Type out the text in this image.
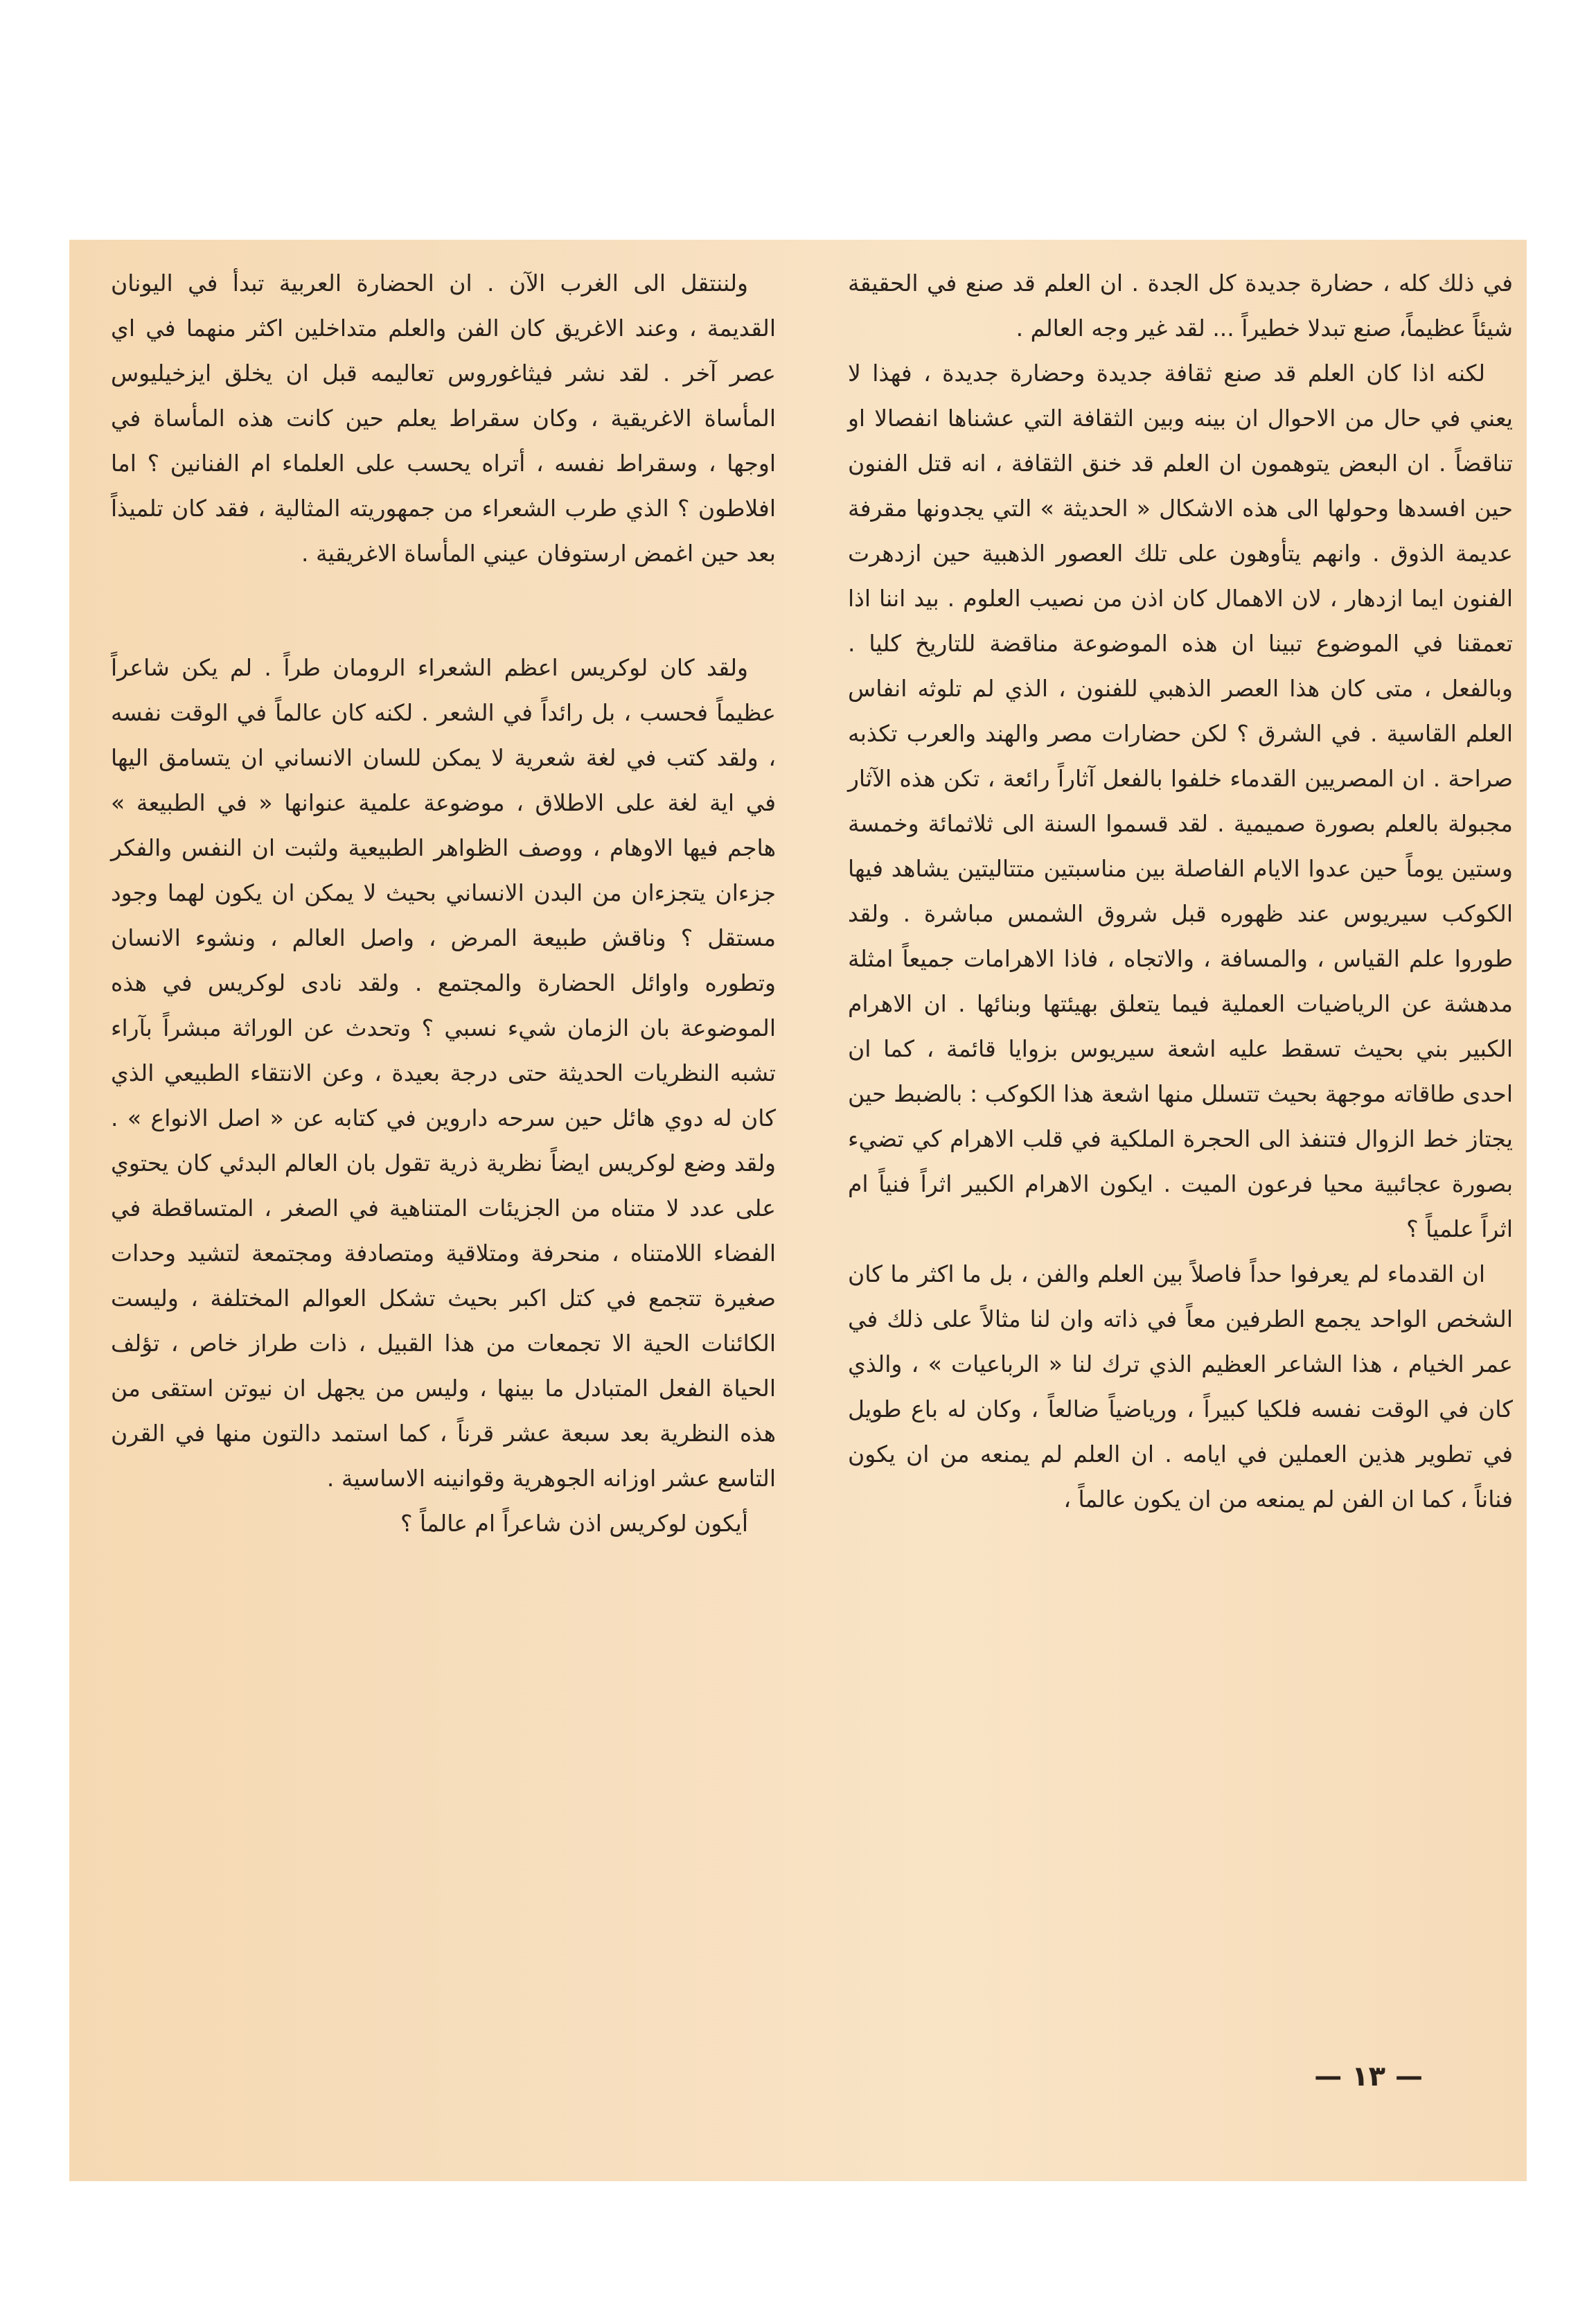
في ذلك كله ، حضارة جديدة كل الجدة . ان العلم قد صنع في الحقيقة شيئاً عظيماً، صنع تبدلا خطيراً ... لقد غير وجه العالم .

لكنه اذا كان العلم قد صنع ثقافة جديدة وحضارة جديدة ، فهذا لا يعني في حال من الاحوال ان بينه وبين الثقافة التي عشناها انفصالا او تناقضاً . ان البعض يتوهمون ان العلم قد خنق الثقافة ، انه قتل الفنون حين افسدها وحولها الى هذه الاشكال « الحديثة » التي يجدونها مقرفة عديمة الذوق . وانهم يتأوهون على تلك العصور الذهبية حين ازدهرت الفنون ايما ازدهار ، لان الاهمال كان اذن من نصيب العلوم . بيد اننا اذا تعمقنا في الموضوع تبينا ان هذه الموضوعة مناقضة للتاريخ كليا . وبالفعل ، متى كان هذا العصر الذهبي للفنون ، الذي لم تلوثه انفاس العلم القاسية . في الشرق ؟ لكن حضارات مصر والهند والعرب تكذبه صراحة . ان المصريين القدماء خلفوا بالفعل آثاراً رائعة ، تكن هذه الآثار مجبولة بالعلم بصورة صميمية . لقد قسموا السنة الى ثلاثمائة وخمسة وستين يوماً حين عدوا الايام الفاصلة بين مناسبتين متتاليتين يشاهد فيها الكوكب سيريوس عند ظهوره قبل شروق الشمس مباشرة . ولقد طوروا علم القياس ، والمسافة ، والاتجاه ، فاذا الاهرامات جميعاً امثلة مدهشة عن الرياضيات العملية فيما يتعلق بهيئتها وبنائها . ان الاهرام الكبير بني بحيث تسقط عليه اشعة سيريوس بزوايا قائمة ، كما ان احدى طاقاته موجهة بحيث تتسلل منها اشعة هذا الكوكب : بالضبط حين يجتاز خط الزوال فتنفذ الى الحجرة الملكية في قلب الاهرام كي تضيء بصورة عجائبية محيا فرعون الميت . ايكون الاهرام الكبير اثراً فنياً ام اثراً علمياً ؟

ان القدماء لم يعرفوا حداً فاصلاً بين العلم والفن ، بل ما اكثر ما كان الشخص الواحد يجمع الطرفين معاً في ذاته وان لنا مثالاً على ذلك في عمر الخيام ، هذا الشاعر العظيم الذي ترك لنا « الرباعيات » ، والذي كان في الوقت نفسه فلكيا كبيراً ، ورياضياً ضالعاً ، وكان له باع طويل في تطوير هذين العملين في ايامه . ان العلم لم يمنعه من ان يكون فناناً ، كما ان الفن لم يمنعه من ان يكون عالماً ،

ولننتقل الى الغرب الآن . ان الحضارة العربية تبدأ في اليونان القديمة ، وعند الاغريق كان الفن والعلم متداخلين اكثر منهما في اي عصر آخر . لقد نشر فيثاغوروس تعاليمه قبل ان يخلق ايزخيليوس المأساة الاغريقية ، وكان سقراط يعلم حين كانت هذه المأساة في اوجها ، وسقراط نفسه ، أتراه يحسب على العلماء ام الفنانين ؟ اما افلاطون ؟ الذي طرب الشعراء من جمهوريته المثالية ، فقد كان تلميذاً بعد حين اغمض ارستوفان عيني المأساة الاغريقية .

ولقد كان لوكريس اعظم الشعراء الرومان طراً . لم يكن شاعراً عظيماً فحسب ، بل رائداً في الشعر . لكنه كان عالماً في الوقت نفسه ، ولقد كتب في لغة شعرية لا يمكن للسان الانساني ان يتسامق اليها في اية لغة على الاطلاق ، موضوعة علمية عنوانها « في الطبيعة » هاجم فيها الاوهام ، ووصف الظواهر الطبيعية ولثبت ان النفس والفكر جزءان يتجزءان من البدن الانساني بحيث لا يمكن ان يكون لهما وجود مستقل ؟ وناقش طبيعة المرض ، واصل العالم ، ونشوء الانسان وتطوره واوائل الحضارة والمجتمع . ولقد نادى لوكريس في هذه الموضوعة بان الزمان شيء نسبي ؟ وتحدث عن الوراثة مبشراً بآراء تشبه النظريات الحديثة حتى درجة بعيدة ، وعن الانتقاء الطبيعي الذي كان له دوي هائل حين سرحه داروين في كتابه عن « اصل الانواع » . ولقد وضع لوكريس ايضاً نظرية ذرية تقول بان العالم البدئي كان يحتوي على عدد لا متناه من الجزيئات المتناهية في الصغر ، المتساقطة في الفضاء اللامتناه ، منحرفة ومتلاقية ومتصادفة ومجتمعة لتشيد وحدات صغيرة تتجمع في كتل اكبر بحيث تشكل العوالم المختلفة ، وليست الكائنات الحية الا تجمعات من هذا القبيل ، ذات طراز خاص ، تؤلف الحياة الفعل المتبادل ما بينها ، وليس من يجهل ان نيوتن استقى من هذه النظرية بعد سبعة عشر قرناً ، كما استمد دالتون منها في القرن التاسع عشر اوزانه الجوهرية وقوانينه الاساسية .

أيكون لوكريس اذن شاعراً ام عالماً ؟

— ١٣ —
